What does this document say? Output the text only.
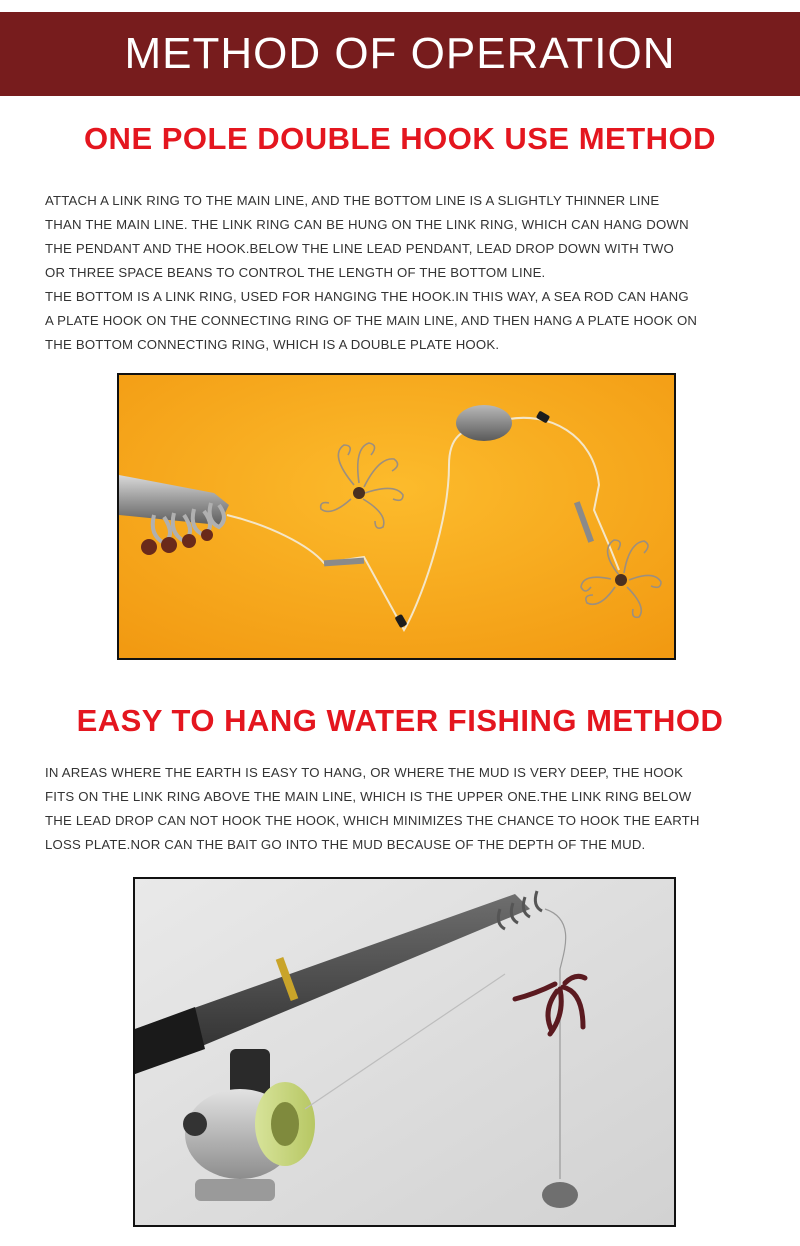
METHOD OF OPERATION
ONE POLE DOUBLE HOOK USE METHOD

ATTACH A LINK RING TO THE MAIN LINE, AND THE BOTTOM LINE IS A SLIGHTLY THINNER LINE

THAN THE MAIN LINE. THE LINK RING CAN BE HUNG ON THE LINK RING, WHICH CAN HANG DOWN

THE PENDANT AND THE HOOK.BELOW THE LINE LEAD PENDANT, LEAD DROP DOWN WITH TWO

OR THREE SPACE BEANS TO CONTROL THE LENGTH OF THE BOTTOM LINE.

THE BOTTOM IS A LINK RING, USED FOR HANGING THE HOOK.IN THIS WAY, A SEA ROD CAN HANG

A PLATE HOOK ON THE CONNECTING RING OF THE MAIN LINE, AND THEN HANG A PLATE HOOK ON

THE BOTTOM CONNECTING RING, WHICH IS A DOUBLE PLATE HOOK.

EASY TO HANG WATER FISHING METHOD

IN AREAS WHERE THE EARTH IS EASY TO HANG, OR WHERE THE MUD IS VERY DEEP, THE HOOK

FITS ON THE LINK RING ABOVE THE MAIN LINE, WHICH IS THE UPPER ONE.THE LINK RING BELOW

THE LEAD DROP CAN NOT HOOK THE HOOK, WHICH MINIMIZES THE CHANCE TO HOOK THE EARTH

LOSS PLATE.NOR CAN THE BAIT GO INTO THE MUD BECAUSE OF THE DEPTH OF THE MUD.
